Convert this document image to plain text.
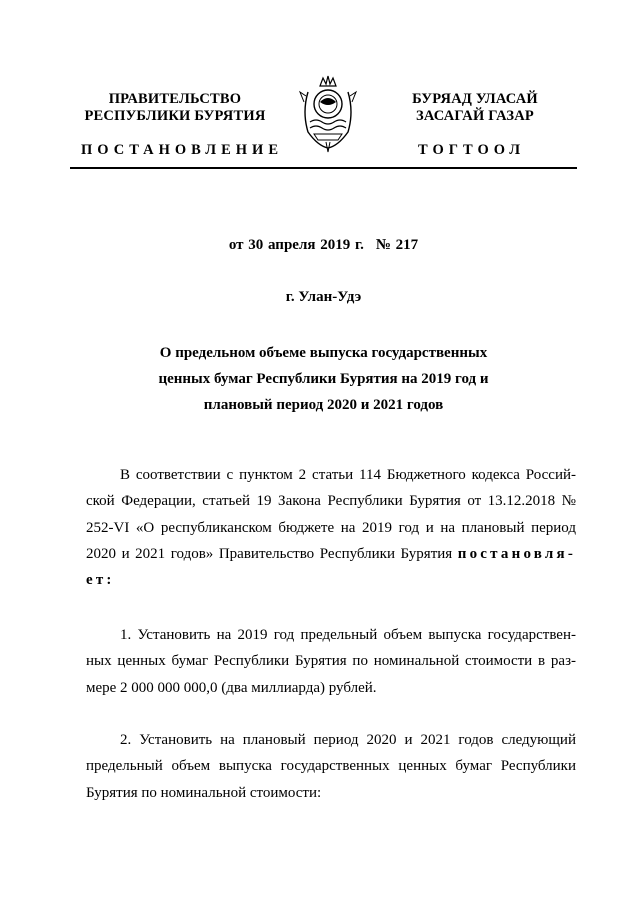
ПРАВИТЕЛЬСТВО
РЕСПУБЛИКИ БУРЯТИЯ
БУРЯАД УЛАСАЙ
ЗАСАГАЙ ГАЗАР
ПОСТАНОВЛЕНИЕ	ТОГТООЛ
от 30 апреля 2019 г. № 217
г. Улан-Удэ
О предельном объеме выпуска государственных
ценных бумаг Республики Бурятия на 2019 год и
плановый период 2020 и 2021 годов
В соответствии с пунктом 2 статьи 114 Бюджетного кодекса Россий-ской Федерации, статьей 19 Закона Республики Бурятия от 13.12.2018 № 252-VI «О республиканском бюджете на 2019 год и на плановый период 2020 и 2021 годов» Правительство Республики Бурятия постановля-ет:
1. Установить на 2019 год предельный объем выпуска государствен-ных ценных бумаг Республики Бурятия по номинальной стоимости в раз-мере 2 000 000 000,0 (два миллиарда) рублей.
2. Установить на плановый период 2020 и 2021 годов следующий предельный объем выпуска государственных ценных бумаг Республики Бурятия по номинальной стоимости:
